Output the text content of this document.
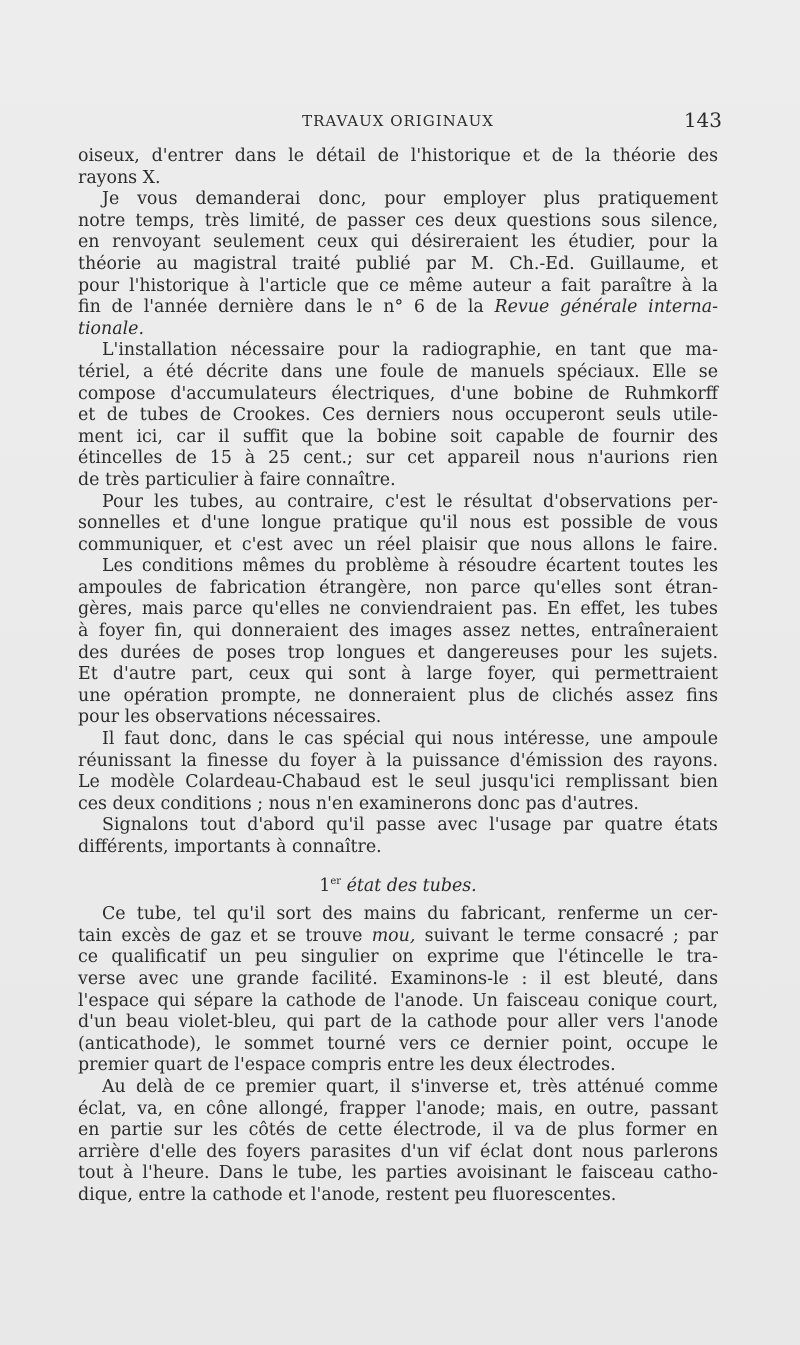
TRAVAUX ORIGINAUX	143
oiseux, d'entrer dans le détail de l'historique et de la théorie des
rayons X.
Je vous demanderai donc, pour employer plus pratiquement
notre temps, très limité, de passer ces deux questions sous silence,
en renvoyant seulement ceux qui désireraient les étudier, pour la
théorie au magistral traité publié par M. Ch.-Ed. Guillaume, et
pour l'historique à l'article que ce même auteur a fait paraître à la
fin de l'année dernière dans le n° 6 de la Revue générale interna-
tionale.
L'installation nécessaire pour la radiographie, en tant que ma-
tériel, a été décrite dans une foule de manuels spéciaux. Elle se
compose d'accumulateurs électriques, d'une bobine de Ruhmkorff
et de tubes de Crookes. Ces derniers nous occuperont seuls utile-
ment ici, car il suffit que la bobine soit capable de fournir des
étincelles de 15 à 25 cent.; sur cet appareil nous n'aurions rien
de très particulier à faire connaître.
Pour les tubes, au contraire, c'est le résultat d'observations per-
sonnelles et d'une longue pratique qu'il nous est possible de vous
communiquer, et c'est avec un réel plaisir que nous allons le faire.
Les conditions mêmes du problème à résoudre écartent toutes les
ampoules de fabrication étrangère, non parce qu'elles sont étran-
gères, mais parce qu'elles ne conviendraient pas. En effet, les tubes
à foyer fin, qui donneraient des images assez nettes, entraîneraient
des durées de poses trop longues et dangereuses pour les sujets.
Et d'autre part, ceux qui sont à large foyer, qui permettraient
une opération prompte, ne donneraient plus de clichés assez fins
pour les observations nécessaires.
Il faut donc, dans le cas spécial qui nous intéresse, une ampoule
réunissant la finesse du foyer à la puissance d'émission des rayons.
Le modèle Colardeau-Chabaud est le seul jusqu'ici remplissant bien
ces deux conditions ; nous n'en examinerons donc pas d'autres.
Signalons tout d'abord qu'il passe avec l'usage par quatre états
différents, importants à connaître.
1er état des tubes.
Ce tube, tel qu'il sort des mains du fabricant, renferme un cer-
tain excès de gaz et se trouve mou, suivant le terme consacré ; par
ce qualificatif un peu singulier on exprime que l'étincelle le tra-
verse avec une grande facilité. Examinons-le : il est bleuté, dans
l'espace qui sépare la cathode de l'anode. Un faisceau conique court,
d'un beau violet-bleu, qui part de la cathode pour aller vers l'anode
(anticathode), le sommet tourné vers ce dernier point, occupe le
premier quart de l'espace compris entre les deux électrodes.
Au delà de ce premier quart, il s'inverse et, très atténué comme
éclat, va, en cône allongé, frapper l'anode; mais, en outre, passant
en partie sur les côtés de cette électrode, il va de plus former en
arrière d'elle des foyers parasites d'un vif éclat dont nous parlerons
tout à l'heure. Dans le tube, les parties avoisinant le faisceau catho-
dique, entre la cathode et l'anode, restent peu fluorescentes.
